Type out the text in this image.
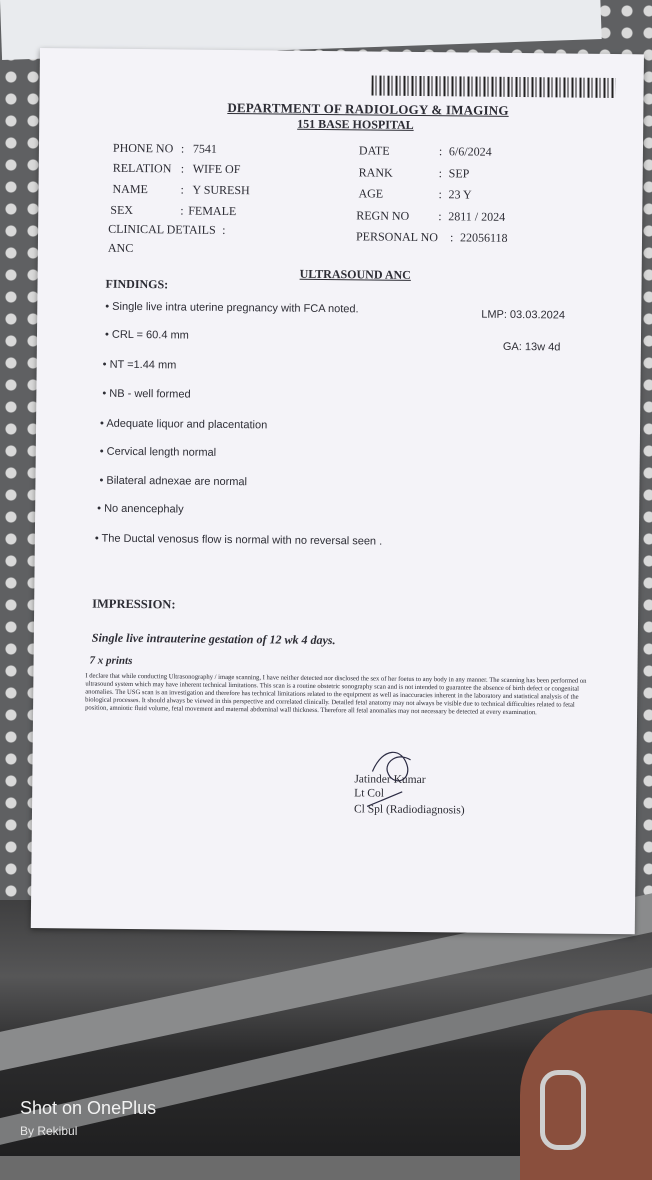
DEPARTMENT OF RADIOLOGY & IMAGING
151 BASE HOSPITAL
PHONE NO : 7541
RELATION : WIFE OF
NAME	: Y SURESH
SEX	: FEMALE
CLINICAL DETAILS :
ANC
DATE	: 6/6/2024
RANK	: SEP
AGE	: 23 Y
REGN NO : 2811 / 2024
PERSONAL NO : 22056118
ULTRASOUND ANC
FINDINGS:
LMP: 03.03.2024
GA: 13w 4d
• Single live intra uterine pregnancy with FCA noted.
• CRL = 60.4 mm
• NT =1.44 mm
• NB - well formed
• Adequate liquor and placentation
• Cervical length normal
• Bilateral adnexae are normal
• No anencephaly
• The Ductal venosus flow is normal with no reversal seen .
IMPRESSION:
Single live intrauterine gestation of 12 wk 4 days.
7 x prints
I declare that while conducting Ultrasonography / image scanning, I have neither detected nor disclosed the sex of her foetus to any body in any manner. The scanning has been performed on ultrasound system which may have inherent technical limitations. This scan is a routine obstetric sonography scan and is not intended to guarantee the absence of birth defect or congenital anomalies. The USG scan is an investigation and therefore has technical limitations related to the equipment as well as inaccuracies inherent in the laboratory and statistical analysis of the biological processes. It should always be viewed in this perspective and correlated clinically. Detailed fetal anatomy may not always be visible due to technical difficulties related to fetal position, amniotic fluid volume, fetal movement and maternal abdominal wall thickness. Therefore all fetal anomalies may not necessary be detected at every examination.
Jatinder Kumar
Lt Col
Cl Spl (Radiodiagnosis)
Shot on OnePlus
By Rekibul
